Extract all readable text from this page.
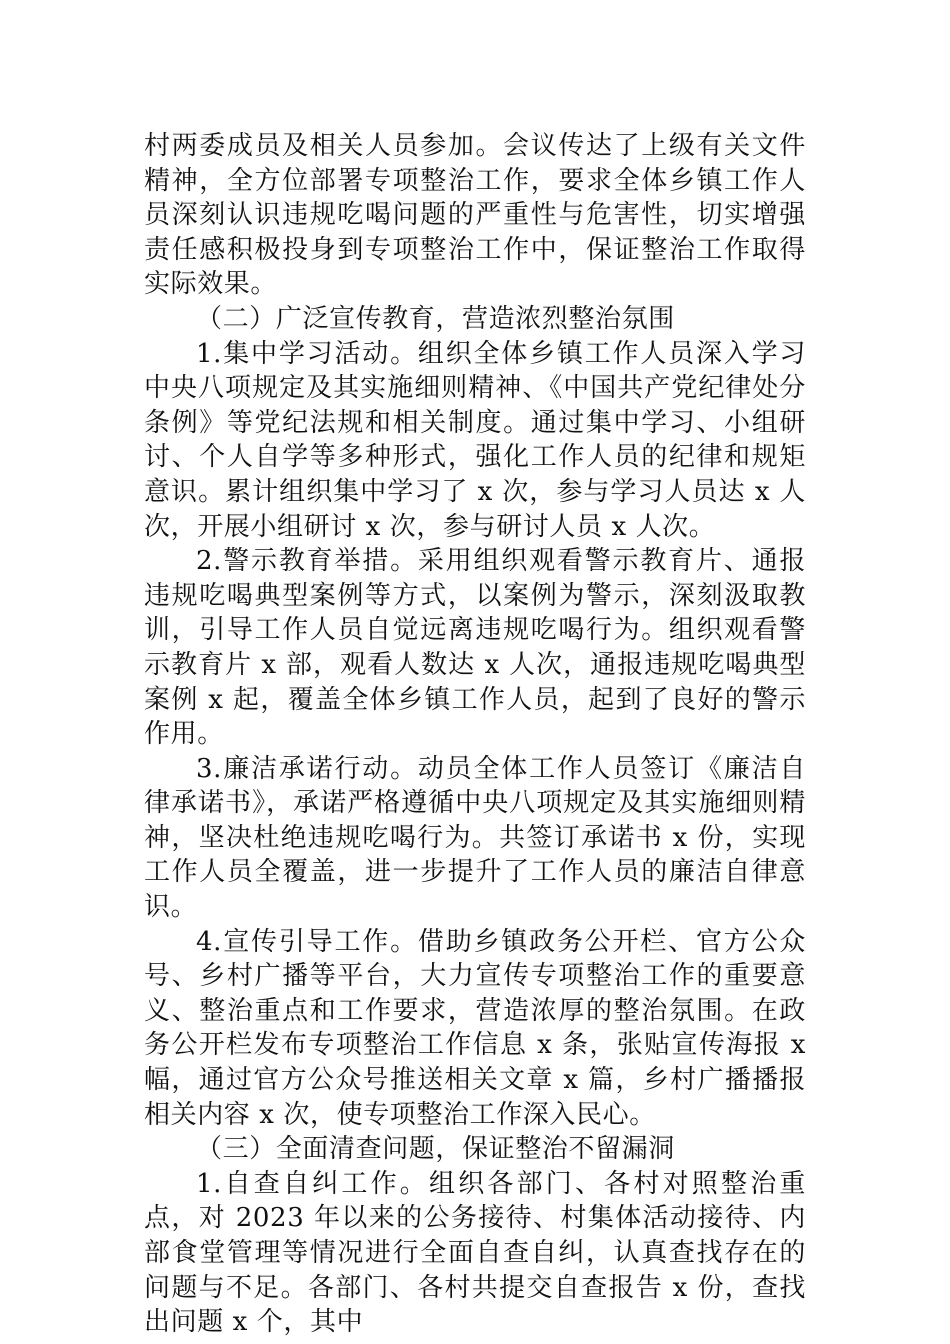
村两委成员及相关人员参加。会议传达了上级有关文件精神，全方位部署专项整治工作，要求全体乡镇工作人员深刻认识违规吃喝问题的严重性与危害性，切实增强责任感积极投身到专项整治工作中，保证整治工作取得实际效果。

（二）广泛宣传教育，营造浓烈整治氛围

1.集中学习活动。组织全体乡镇工作人员深入学习中央八项规定及其实施细则精神、《中国共产党纪律处分条例》等党纪法规和相关制度。通过集中学习、小组研讨、个人自学等多种形式，强化工作人员的纪律和规矩意识。累计组织集中学习了 x 次，参与学习人员达 x 人次，开展小组研讨 x 次，参与研讨人员 x 人次。

2.警示教育举措。采用组织观看警示教育片、通报违规吃喝典型案例等方式，以案例为警示，深刻汲取教训，引导工作人员自觉远离违规吃喝行为。组织观看警示教育片 x 部，观看人数达 x 人次，通报违规吃喝典型案例 x 起，覆盖全体乡镇工作人员，起到了良好的警示作用。

3.廉洁承诺行动。动员全体工作人员签订《廉洁自律承诺书》，承诺严格遵循中央八项规定及其实施细则精神，坚决杜绝违规吃喝行为。共签订承诺书 x 份，实现工作人员全覆盖，进一步提升了工作人员的廉洁自律意识。

4.宣传引导工作。借助乡镇政务公开栏、官方公众号、乡村广播等平台，大力宣传专项整治工作的重要意义、整治重点和工作要求，营造浓厚的整治氛围。在政务公开栏发布专项整治工作信息 x 条，张贴宣传海报 x 幅，通过官方公众号推送相关文章 x 篇，乡村广播播报相关内容 x 次，使专项整治工作深入民心。

（三）全面清查问题，保证整治不留漏洞

1.自查自纠工作。组织各部门、各村对照整治重点，对 2023 年以来的公务接待、村集体活动接待、内部食堂管理等情况进行全面自查自纠，认真查找存在的问题与不足。各部门、各村共提交自查报告 x 份，查找出问题 x 个，其中
